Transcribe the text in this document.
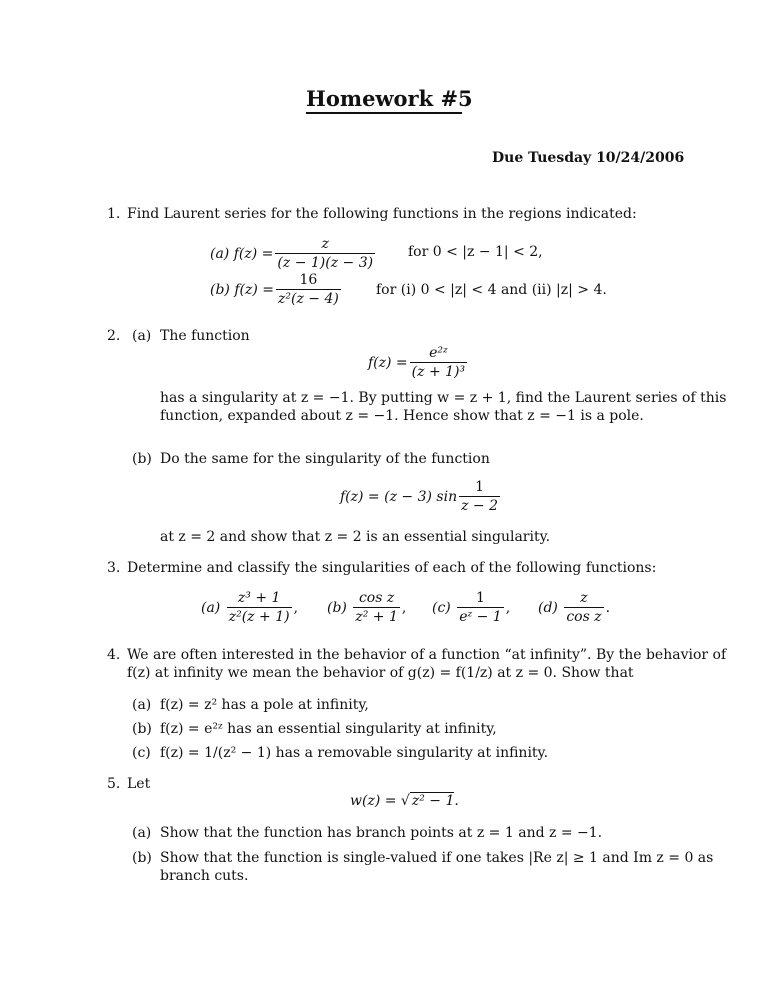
Homework #5
Due Tuesday 10/24/2006
1. Find Laurent series for the following functions in the regions indicated:
(a)
$f(z) = \frac{z}{(z - 1)(z - 3)}$ for 0 < |z − 1| < 2,
(b)
$f(z) = \frac{16}{\text{z²(z − 4)}}$	for (i) 0 < |z| < 4 and (ii) |z| > 4.
2. (a) The function
$f(z) = \frac{\text{e²ᶻ}}{\text{(z + 1)³}}$
has a singularity at z = −1. By putting w = z + 1, find the Laurent series of this
function, expanded about z = −1. Hence show that z = −1 is a pole.
(b) Do the same for the singularity of the function
f(z) = (z − 3) $\sin \frac{1}{z - 2}$
at z = 2 and show that z = 2 is an essential singularity.
3. Determine and classify the singularities of each of the following functions:
(a)
$\frac{\text{z³ + 1}}{\text{z²(z + 1)}}$ , (b)
$\frac{\text{cos z}}{\text{z² + 1}}$ , (c)
$\frac{1}{\text{eᶻ − 1}}$ , (d)
$\frac{z}{\text{cos z}}$ .
4. We are often interested in the behavior of a function “at infinity”. By the behavior of
f(z) at infinity we mean the behavior of g(z) = f(1/z) at z = 0. Show that
(a) f(z) = z² has a pole at infinity,
(b) f(z) = e²ᶻ has an essential singularity at infinity,
(c) f(z) = 1/(z² − 1) has a removable singularity at infinity.
5. Let
w(z) = √ z² − 1.
(a) Show that the function has branch points at z = 1 and z = −1.
(b) Show that the function is single-valued if one takes |Re z| ≥ 1 and Im z = 0 as
branch cuts.
